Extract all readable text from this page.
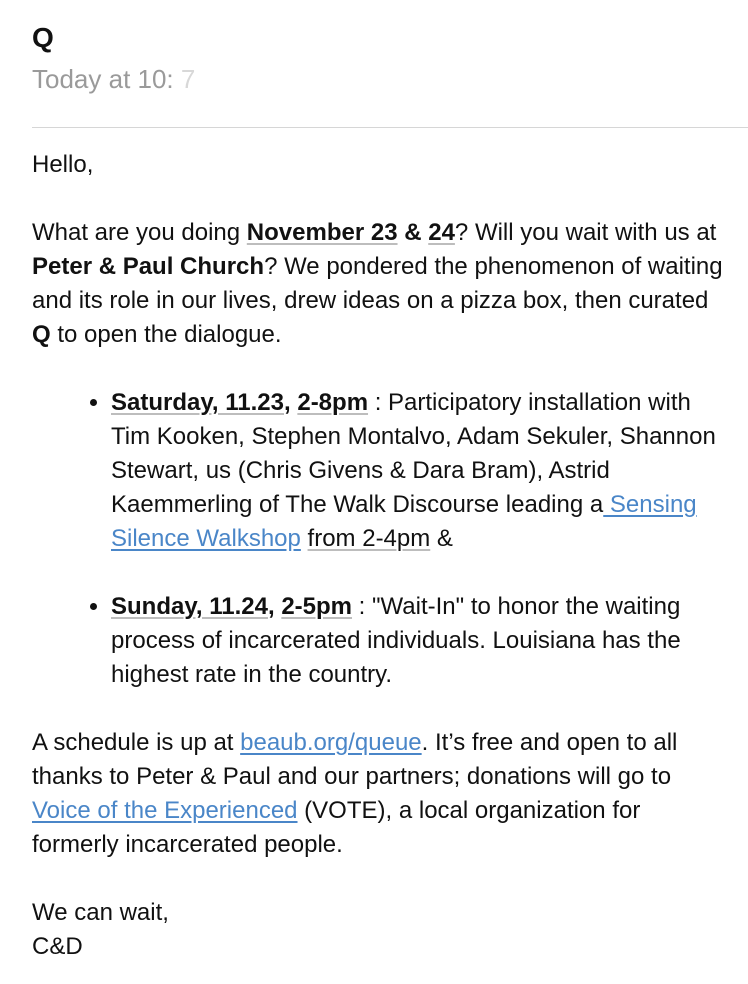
Q
Today at 10: 7

Hello,

What are you doing November 23 & 24? Will you wait with us at Peter & Paul Church? We pondered the phenomenon of waiting and its role in our lives, drew ideas on a pizza box, then curated Q to open the dialogue.

• Saturday, 11.23, 2-8pm : Participatory installation with Tim Kooken, Stephen Montalvo, Adam Sekuler, Shannon Stewart, us (Chris Givens & Dara Bram), Astrid Kaemmerling of The Walk Discourse leading a Sensing Silence Walkshop from 2-4pm &
• Sunday, 11.24, 2-5pm : "Wait-In" to honor the waiting process of incarcerated individuals. Louisiana has the highest rate in the country.

A schedule is up at beaub.org/queue. It’s free and open to all thanks to Peter & Paul and our partners; donations will go to Voice of the Experienced (VOTE), a local organization for formerly incarcerated people.

We can wait,

C&D
